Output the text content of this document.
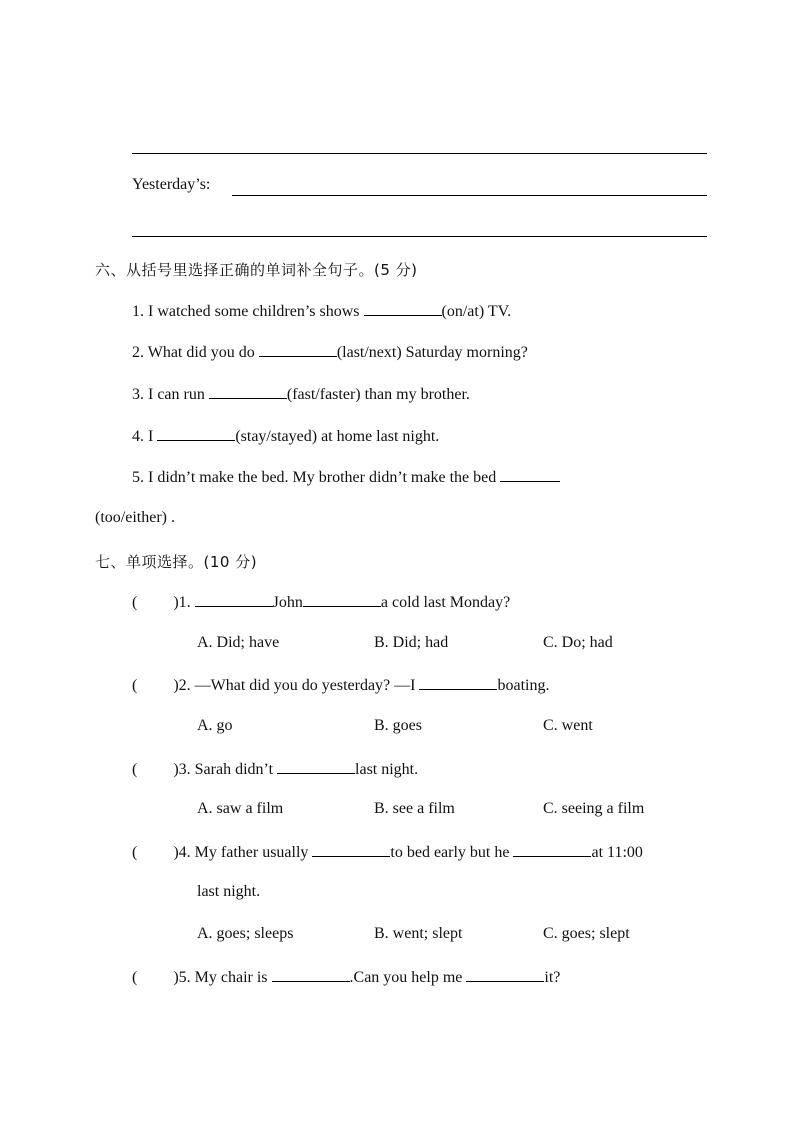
Yesterday’s:
六、从括号里选择正确的单词补全句子。(5 分)
1. I watched some children’s shows	(on/at) TV.
2. What did you do	(last/next) Saturday morning?
3. I can run	(fast/faster) than my brother.
4. I	(stay/stayed) at home last night.
5. I didn’t make the bed. My brother didn’t make the bed
(too/either) .
七、单项选择。(10 分)
( )1.	John	a cold last Monday?
A. Did; have	B. Did; had	C. Do; had
( )2. —What did you do yesterday? —I	boating.
A. go	B. goes	C. went
( )3. Sarah didn’t	last night.
A. saw a film	B. see a film	C. seeing a film
( )4. My father usually	to bed early but he	at 11:00
last night.
A. goes; sleeps	B. went; slept	C. goes; slept
( )5. My chair is	.Can you help me	it?
